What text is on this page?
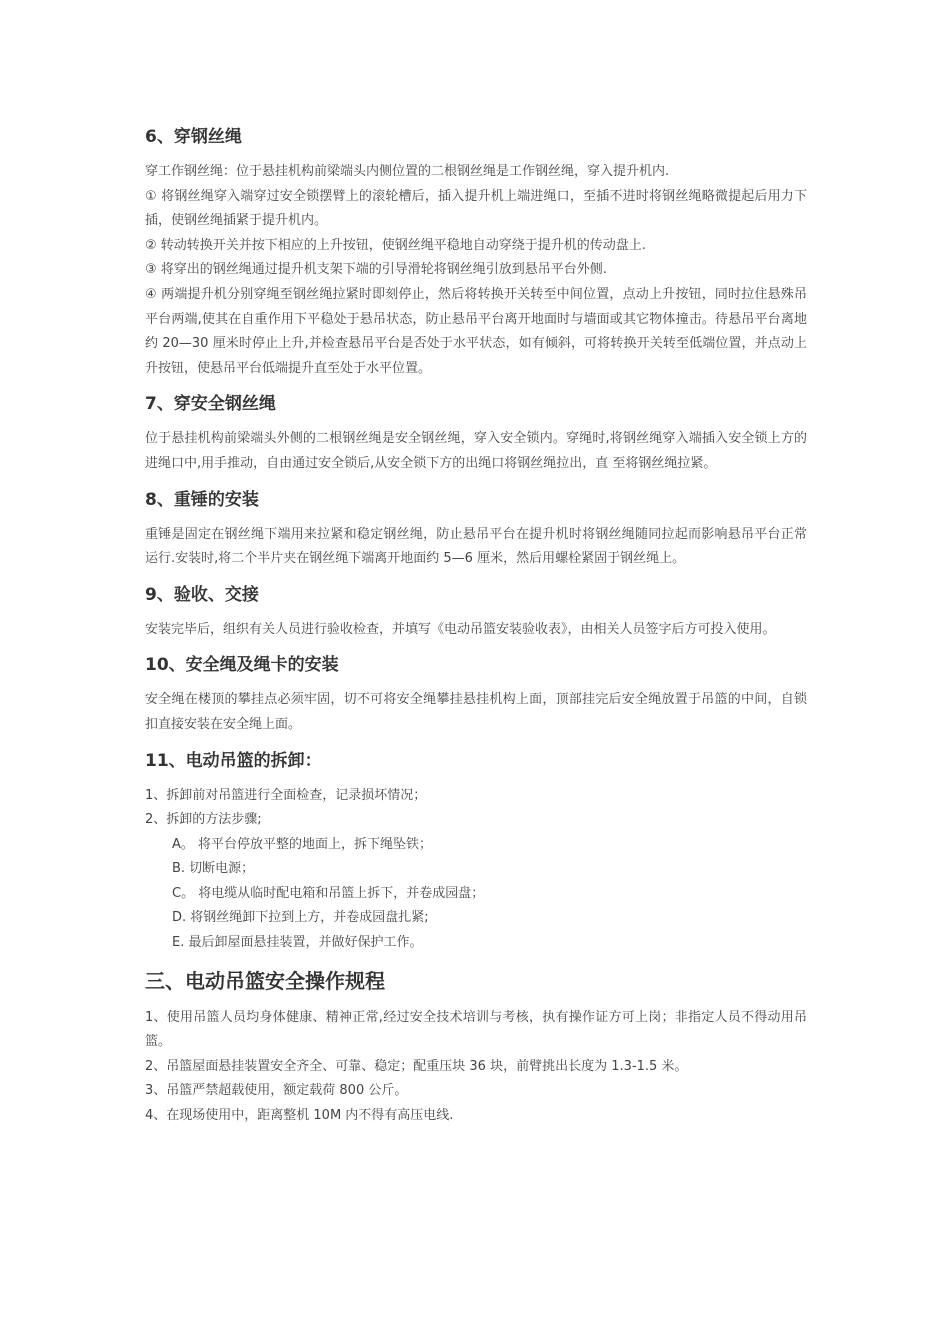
6、穿钢丝绳

穿工作钢丝绳：位于悬挂机构前梁端头内侧位置的二根钢丝绳是工作钢丝绳，穿入提升机内.

① 将钢丝绳穿入端穿过安全锁摆臂上的滚轮槽后，插入提升机上端进绳口，至插不进时将钢丝绳略微提起后用力下插，使钢丝绳插紧于提升机内。

② 转动转换开关并按下相应的上升按钮，使钢丝绳平稳地自动穿绕于提升机的传动盘上.

③ 将穿出的钢丝绳通过提升机支架下端的引导滑轮将钢丝绳引放到悬吊平台外侧.

④ 两端提升机分别穿绳至钢丝绳拉紧时即刻停止，然后将转换开关转至中间位置，点动上升按钮，同时拉住悬殊吊平台两端,使其在自重作用下平稳处于悬吊状态，防止悬吊平台离开地面时与墙面或其它物体撞击。待悬吊平台离地约 20—30 厘米时停止上升,并检查悬吊平台是否处于水平状态，如有倾斜，可将转换开关转至低端位置，并点动上升按钮，使悬吊平台低端提升直至处于水平位置。

7、穿安全钢丝绳

位于悬挂机构前梁端头外侧的二根钢丝绳是安全钢丝绳，穿入安全锁内。穿绳时,将钢丝绳穿入端插入安全锁上方的进绳口中,用手推动，自由通过安全锁后,从安全锁下方的出绳口将钢丝绳拉出，直 至将钢丝绳拉紧。

8、重锤的安装

重锤是固定在钢丝绳下端用来拉紧和稳定钢丝绳，防止悬吊平台在提升机时将钢丝绳随同拉起而影响悬吊平台正常运行.安装时,将二个半片夹在钢丝绳下端离开地面约 5—6 厘米，然后用螺栓紧固于钢丝绳上。

9、验收、交接

安装完毕后，组织有关人员进行验收检查，并填写《电动吊篮安装验收表》，由相关人员签字后方可投入使用。

10、安全绳及绳卡的安装

安全绳在楼顶的攀挂点必须牢固，切不可将安全绳攀挂悬挂机构上面，顶部挂完后安全绳放置于吊篮的中间，自锁扣直接安装在安全绳上面。

11、电动吊篮的拆卸：

1、拆卸前对吊篮进行全面检查，记录损坏情况；

2、拆卸的方法步骤;

A。 将平台停放平整的地面上，拆下绳坠铁；

B. 切断电源；

C。 将电缆从临时配电箱和吊篮上拆下，并卷成园盘；

D. 将钢丝绳卸下拉到上方，并卷成园盘扎紧;

E. 最后卸屋面悬挂装置，并做好保护工作。

三、电动吊篮安全操作规程

1、使用吊篮人员均身体健康、精神正常,经过安全技术培训与考核，执有操作证方可上岗；非指定人员不得动用吊篮。

2、吊篮屋面悬挂装置安全齐全、可靠、稳定；配重压块 36 块，前臂挑出长度为 1.3-1.5 米。

3、吊篮严禁超载使用，额定载荷 800 公斤。

4、在现场使用中，距离整机 10M 内不得有高压电线.
